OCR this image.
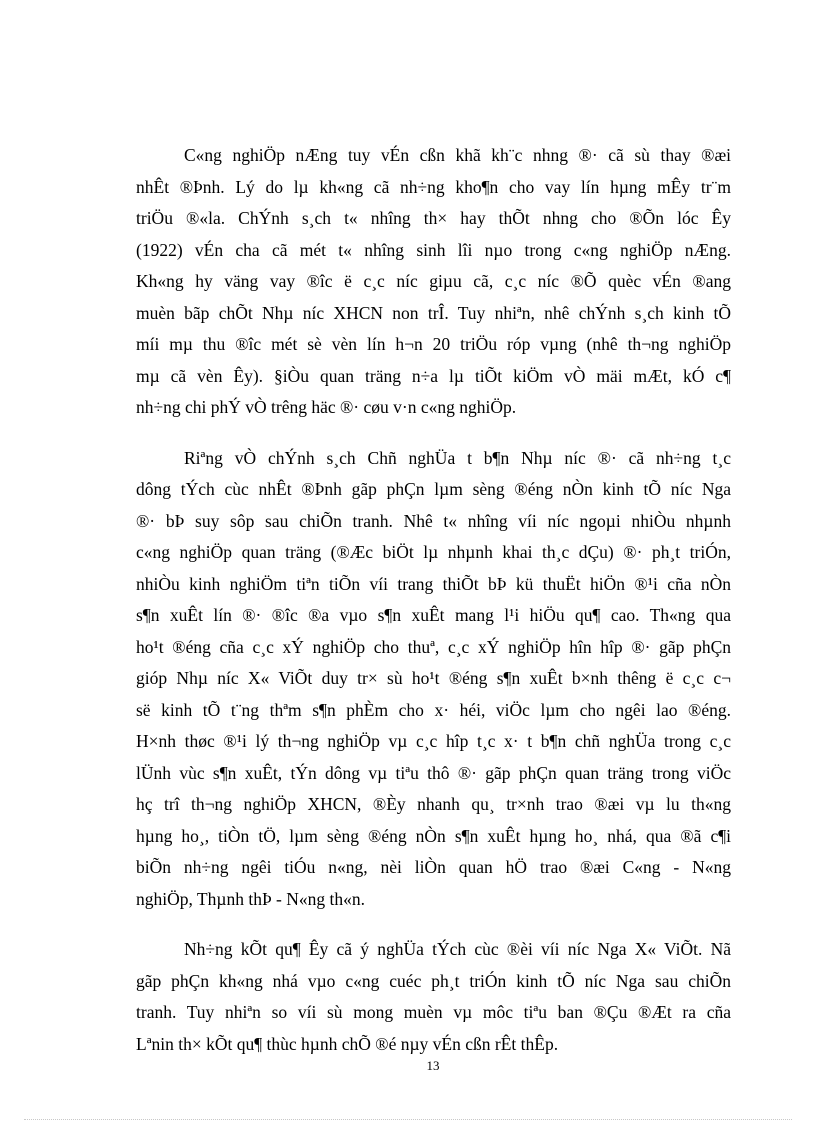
C«ng nghiÖp nÆng tuy vÉn cßn khã kh¨c nhng ®· cã sù thay ®æi
nhÊt ®Þnh. Lý do lµ kh«ng cã nh÷ng kho¶n cho vay lín hµng mÊy tr¨m
triÖu ®«la. ChÝnh s¸ch t« nhîng th× hay thÕt nhng cho ®Õn lóc Êy
(1922) vÉn cha cã mét t« nhîng sinh lîi nµo trong c«ng nghiÖp nÆng.
Kh«ng hy väng vay ®îc ë c¸c níc giµu cã, c¸c níc ®Õ quèc vÉn ®ang
muèn bãp chÕt Nhµ níc XHCN non trÎ. Tuy nhiªn, nhê chÝnh s¸ch kinh tÕ
míi mµ thu ®îc mét sè vèn lín h¬n 20 triÖu róp vµng (nhê th¬ng nghiÖp
mµ cã vèn Êy). §iÒu quan träng n÷a lµ tiÕt kiÖm vÒ mäi mÆt, kÓ c¶
nh÷ng chi phÝ vÒ trêng häc ®· cøu v·n c«ng nghiÖp.

Riªng vÒ chÝnh s¸ch Chñ nghÜa t b¶n Nhµ níc ®· cã nh÷ng t¸c
dông tÝch cùc nhÊt ®Þnh gãp phÇn lµm sèng ®éng nÒn kinh tÕ níc Nga
®· bÞ suy sôp sau chiÕn tranh. Nhê t« nhîng víi níc ngoµi nhiÒu nhµnh
c«ng nghiÖp quan träng (®Æc biÖt lµ nhµnh khai th¸c dÇu) ®· ph¸t triÓn,
nhiÒu kinh nghiÖm tiªn tiÕn víi trang thiÕt bÞ kü thuËt hiÖn ®¹i cña nÒn
s¶n xuÊt lín ®· ®îc ®a vµo s¶n xuÊt mang l¹i hiÖu qu¶ cao. Th«ng qua
ho¹t ®éng cña c¸c xÝ nghiÖp cho thuª, c¸c xÝ nghiÖp hîn hîp ®· gãp phÇn
gióp Nhµ níc X« ViÕt duy tr× sù ho¹t ®éng s¶n xuÊt b×nh thêng ë c¸c c¬
së kinh tÕ t¨ng thªm s¶n phÈm cho x· héi, viÖc lµm cho ngêi lao ®éng.
H×nh thøc ®¹i lý th¬ng nghiÖp vµ c¸c hîp t¸c x· t b¶n chñ nghÜa trong c¸c
lÜnh vùc s¶n xuÊt, tÝn dông vµ tiªu thô ®· gãp phÇn quan träng trong viÖc
hç trî th¬ng nghiÖp XHCN, ®Èy nhanh qu¸ tr×nh trao ®æi vµ lu th«ng
hµng ho¸, tiÒn tÖ, lµm sèng ®éng nÒn s¶n xuÊt hµng ho¸ nhá, qua ®ã c¶i
biÕn nh÷ng ngêi tiÓu n«ng, nèi liÒn quan hÖ trao ®æi C«ng - N«ng
nghiÖp, Thµnh thÞ - N«ng th«n.

Nh÷ng kÕt qu¶ Êy cã ý nghÜa tÝch cùc ®èi víi níc Nga X« ViÕt. Nã
gãp phÇn kh«ng nhá vµo c«ng cuéc ph¸t triÓn kinh tÕ níc Nga sau chiÕn
tranh. Tuy nhiªn so víi sù mong muèn vµ môc tiªu ban ®Çu ®Æt ra cña
Lªnin th× kÕt qu¶ thùc hµnh chÕ ®é nµy vÉn cßn rÊt thÊp.

13
